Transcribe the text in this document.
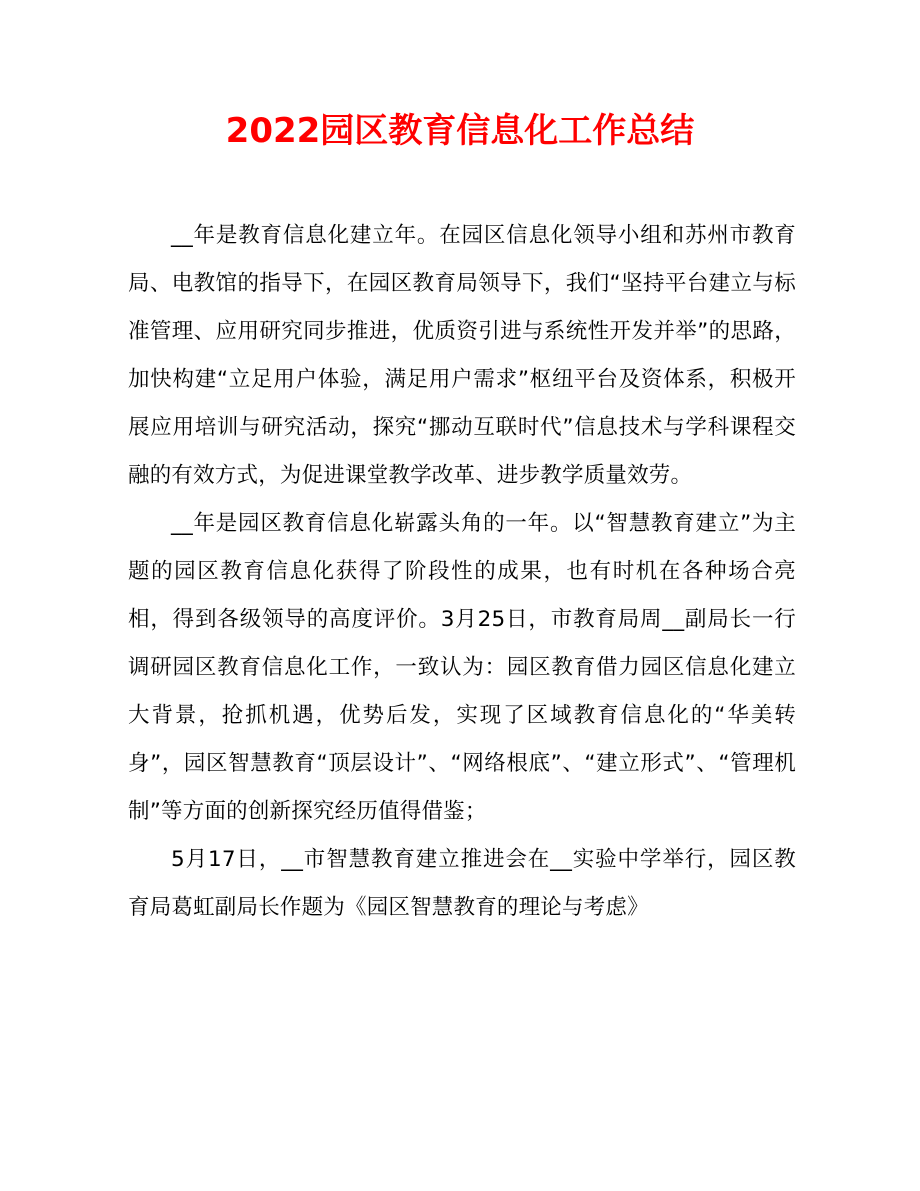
2022园区教育信息化工作总结

__年是教育信息化建立年。在园区信息化领导小组和苏州市教育局、电教馆的指导下，在园区教育局领导下，我们“坚持平台建立与标准管理、应用研究同步推进，优质资引进与系统性开发并举”的思路，加快构建“立足用户体验，满足用户需求”枢纽平台及资体系，积极开展应用培训与研究活动，探究“挪动互联时代”信息技术与学科课程交融的有效方式，为促进课堂教学改革、进步教学质量效劳。

__年是园区教育信息化崭露头角的一年。以“智慧教育建立”为主题的园区教育信息化获得了阶段性的成果，也有时机在各种场合亮相，得到各级领导的高度评价。3月25日，市教育局周__副局长一行调研园区教育信息化工作，一致认为：园区教育借力园区信息化建立大背景，抢抓机遇，优势后发，实现了区域教育信息化的“华美转身”，园区智慧教育“顶层设计”、“网络根底”、“建立形式”、“管理机制”等方面的创新探究经历值得借鉴；

5月17日，__市智慧教育建立推进会在__实验中学举行，园区教育局葛虹副局长作题为《园区智慧教育的理论与考虑》
